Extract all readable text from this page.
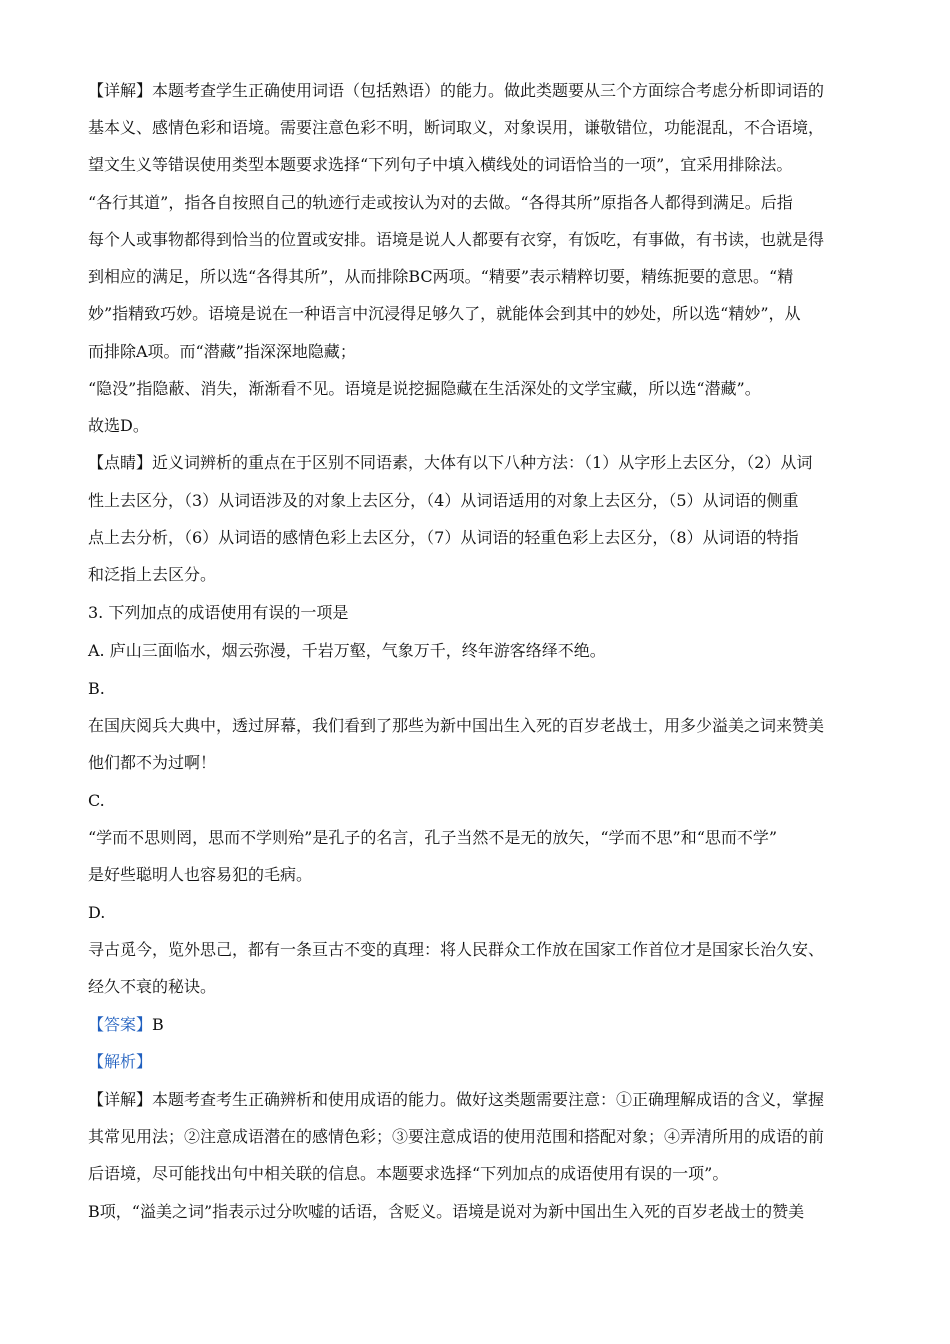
【详解】本题考查学生正确使用词语（包括熟语）的能力。做此类题要从三个方面综合考虑分析即词语的
基本义、感情色彩和语境。需要注意色彩不明，断词取义，对象误用，谦敬错位，功能混乱，不合语境，
望文生义等错误使用类型本题要求选择“下列句子中填入横线处的词语恰当的一项”，宜采用排除法。
“各行其道”，指各自按照自己的轨迹行走或按认为对的去做。“各得其所”原指各人都得到满足。后指
每个人或事物都得到恰当的位置或安排。语境是说人人都要有衣穿，有饭吃，有事做，有书读，也就是得
到相应的满足，所以选“各得其所”，从而排除BC两项。“精要”表示精粹切要，精练扼要的意思。“精
妙”指精致巧妙。语境是说在一种语言中沉浸得足够久了，就能体会到其中的妙处，所以选“精妙”，从
而排除A项。而“潜藏”指深深地隐藏；
“隐没”指隐蔽、消失，渐渐看不见。语境是说挖掘隐藏在生活深处的文学宝藏，所以选“潜藏”。
故选D。
【点睛】近义词辨析的重点在于区别不同语素，大体有以下八种方法：（1）从字形上去区分，（2）从词
性上去区分，（3）从词语涉及的对象上去区分，（4）从词语适用的对象上去区分，（5）从词语的侧重
点上去分析，（6）从词语的感情色彩上去区分，（7）从词语的轻重色彩上去区分，（8）从词语的特指
和泛指上去区分。
3. 下列加点的成语使用有误的一项是
A. 庐山三面临水，烟云弥漫，千岩万壑，气象万千，终年游客络绎不绝。
B.
在国庆阅兵大典中，透过屏幕，我们看到了那些为新中国出生入死的百岁老战士，用多少溢美之词来赞美
他们都不为过啊！
C.
“学而不思则罔，思而不学则殆”是孔子的名言，孔子当然不是无的放矢，“学而不思”和“思而不学”
是好些聪明人也容易犯的毛病。
D.
寻古觅今，览外思己，都有一条亘古不变的真理：将人民群众工作放在国家工作首位才是国家长治久安、
经久不衰的秘诀。
【答案】B
【解析】
【详解】本题考查考生正确辨析和使用成语的能力。做好这类题需要注意：①正确理解成语的含义，掌握
其常见用法；②注意成语潜在的感情色彩；③要注意成语的使用范围和搭配对象；④弄清所用的成语的前
后语境，尽可能找出句中相关联的信息。本题要求选择“下列加点的成语使用有误的一项”。
B项，“溢美之词”指表示过分吹嘘的话语，含贬义。语境是说对为新中国出生入死的百岁老战士的赞美
